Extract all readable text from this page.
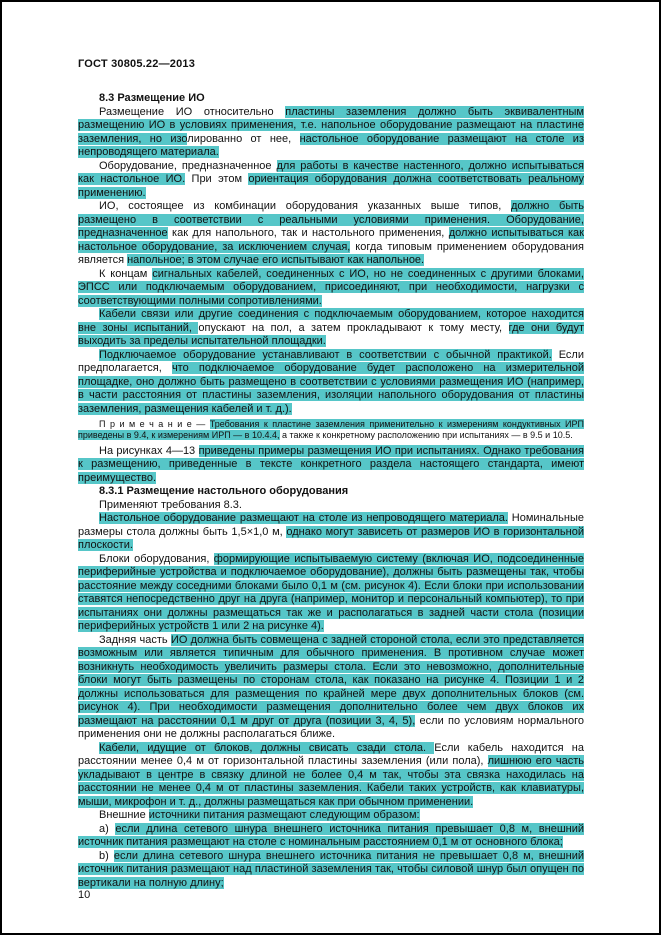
ГОСТ 30805.22—2013

8.3 Размещение ИО

Размещение ИО относительно пластины заземления должно быть эквивалентным размещению ИО в условиях применения, т.е. напольное оборудование размещают на пластине заземления, но изолированно от нее, настольное оборудование размещают на столе из непроводящего материала.

Оборудование, предназначенное для работы в качестве настенного, должно испытываться как настольное ИО. При этом ориентация оборудования должна соответствовать реальному применению.

ИО, состоящее из комбинации оборудования указанных выше типов, должно быть размещено в соответствии с реальными условиями применения. Оборудование, предназначенное как для напольного, так и настольного применения, должно испытываться как настольное оборудование, за исключением случая, когда типовым применением оборудования является напольное; в этом случае его испытывают как напольное.

К концам сигнальных кабелей, соединенных с ИО, но не соединенных с другими блоками, ЭПСС или подключаемым оборудованием, присоединяют, при необходимости, нагрузки с соответствующими полными сопротивлениями.

Кабели связи или другие соединения с подключаемым оборудованием, которое находится вне зоны испытаний, опускают на пол, а затем прокладывают к тому месту, где они будут выходить за пределы испытательной площадки.

Подключаемое оборудование устанавливают в соответствии с обычной практикой. Если предполагается, что подключаемое оборудование будет расположено на измерительной площадке, оно должно быть размещено в соответствии с условиями размещения ИО (например, в части расстояния от пластины заземления, изоляции напольного оборудования от пластины заземления, размещения кабелей и т. д.).

П р и м е ч а н и е — Требования к пластине заземления применительно к измерениям кондуктивных ИРП приведены в 9.4, к измерениям ИРП — в 10.4.4, а также к конкретному расположению при испытаниях — в 9.5 и 10.5.

На рисунках 4—13 приведены примеры размещения ИО при испытаниях. Однако требования к размещению, приведенные в тексте конкретного раздела настоящего стандарта, имеют преимущество.

8.3.1 Размещение настольного оборудования

Применяют требования 8.3.

Настольное оборудование размещают на столе из непроводящего материала. Номинальные размеры стола должны быть 1,5×1,0 м, однако могут зависеть от размеров ИО в горизонтальной плоскости.

Блоки оборудования, формирующие испытываемую систему (включая ИО, подсоединенные периферийные устройства и подключаемое оборудование), должны быть размещены так, чтобы расстояние между соседними блоками было 0,1 м (см. рисунок 4). Если блоки при использовании ставятся непосредственно друг на друга (например, монитор и персональный компьютер), то при испытаниях они должны размещаться так же и располагаться в задней части стола (позиции периферийных устройств 1 или 2 на рисунке 4).

Задняя часть ИО должна быть совмещена с задней стороной стола, если это представляется возможным или является типичным для обычного применения. В противном случае может возникнуть необходимость увеличить размеры стола. Если это невозможно, дополнительные блоки могут быть размещены по сторонам стола, как показано на рисунке 4. Позиции 1 и 2 должны использоваться для размещения по крайней мере двух дополнительных блоков (см. рисунок 4). При необходимости размещения дополнительно более чем двух блоков их размещают на расстоянии 0,1 м друг от друга (позиции 3, 4, 5), если по условиям нормального применения они не должны располагаться ближе.

Кабели, идущие от блоков, должны свисать сзади стола. Если кабель находится на расстоянии менее 0,4 м от горизонтальной пластины заземления (или пола), лишнюю его часть укладывают в центре в связку длиной не более 0,4 м так, чтобы эта связка находилась на расстоянии не менее 0,4 м от пластины заземления. Кабели таких устройств, как клавиатуры, мыши, микрофон и т. д., должны размещаться как при обычном применении.

Внешние источники питания размещают следующим образом:

a) если длина сетевого шнура внешнего источника питания превышает 0,8 м, внешний источник питания размещают на столе с номинальным расстоянием 0,1 м от основного блока;

b) если длина сетевого шнура внешнего источника питания не превышает 0,8 м, внешний источник питания размещают над пластиной заземления так, чтобы силовой шнур был опущен по вертикали на полную длину;

10
